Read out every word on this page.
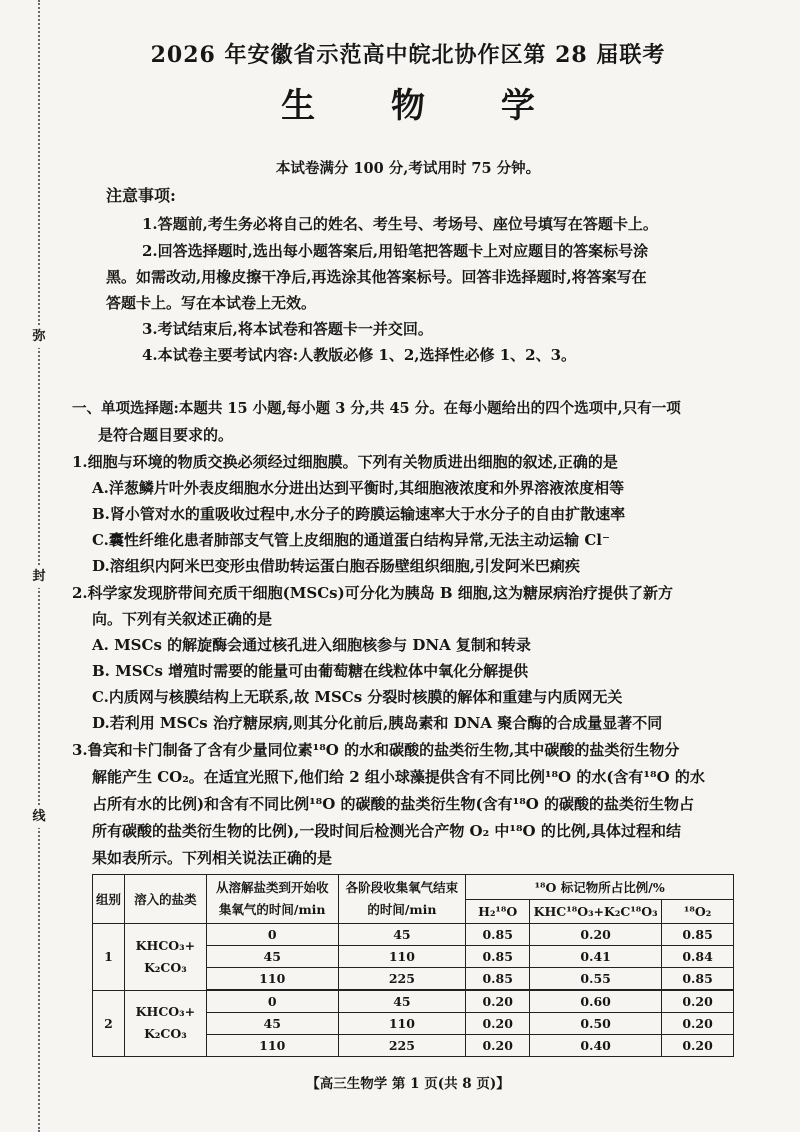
弥
封
线
2026 年安徽省示范高中皖北协作区第 28 届联考
生 物 学
本试卷满分 100 分,考试用时 75 分钟。
注意事项:
1.答题前,考生务必将自己的姓名、考生号、考场号、座位号填写在答题卡上。
2.回答选择题时,选出每小题答案后,用铅笔把答题卡上对应题目的答案标号涂
黑。如需改动,用橡皮擦干净后,再选涂其他答案标号。回答非选择题时,将答案写在
答题卡上。写在本试卷上无效。
3.考试结束后,将本试卷和答题卡一并交回。
4.本试卷主要考试内容:人教版必修 1、2,选择性必修 1、2、3。
一、单项选择题:本题共 15 小题,每小题 3 分,共 45 分。在每小题给出的四个选项中,只有一项
是符合题目要求的。
1.细胞与环境的物质交换必须经过细胞膜。下列有关物质进出细胞的叙述,正确的是
A.洋葱鳞片叶外表皮细胞水分进出达到平衡时,其细胞液浓度和外界溶液浓度相等
B.肾小管对水的重吸收过程中,水分子的跨膜运输速率大于水分子的自由扩散速率
C.囊性纤维化患者肺部支气管上皮细胞的通道蛋白结构异常,无法主动运输 Cl⁻
D.溶组织内阿米巴变形虫借助转运蛋白胞吞肠壁组织细胞,引发阿米巴痢疾
2.科学家发现脐带间充质干细胞(MSCs)可分化为胰岛 B 细胞,这为糖尿病治疗提供了新方
向。下列有关叙述正确的是
A. MSCs 的解旋酶会通过核孔进入细胞核参与 DNA 复制和转录
B. MSCs 增殖时需要的能量可由葡萄糖在线粒体中氧化分解提供
C.内质网与核膜结构上无联系,故 MSCs 分裂时核膜的解体和重建与内质网无关
D.若利用 MSCs 治疗糖尿病,则其分化前后,胰岛素和 DNA 聚合酶的合成量显著不同
3.鲁宾和卡门制备了含有少量同位素¹⁸O 的水和碳酸的盐类衍生物,其中碳酸的盐类衍生物分
解能产生 CO₂。在适宜光照下,他们给 2 组小球藻提供含有不同比例¹⁸O 的水(含有¹⁸O 的水
占所有水的比例)和含有不同比例¹⁸O 的碳酸的盐类衍生物(含有¹⁸O 的碳酸的盐类衍生物占
所有碳酸的盐类衍生物的比例),一段时间后检测光合产物 O₂ 中¹⁸O 的比例,具体过程和结
果如表所示。下列相关说法正确的是
组别	溶入的盐类	从溶解盐类到开始收集氧气的时间/min	各阶段收集氧气结束的时间/min	¹⁸O 标记物所占比例/%		
				H₂¹⁸O	KHC¹⁸O₃+K₂C¹⁸O₃	¹⁸O₂
1	KHCO₃+ K₂CO₃	0	45	0.85	0.20	0.85
		45	110	0.85	0.41	0.84
		110	225	0.85	0.55	0.85
2	KHCO₃+ K₂CO₃	0	45	0.20	0.60	0.20
		45	110	0.20	0.50	0.20
		110	225	0.20	0.40	0.20
【高三生物学 第 1 页(共 8 页)】
